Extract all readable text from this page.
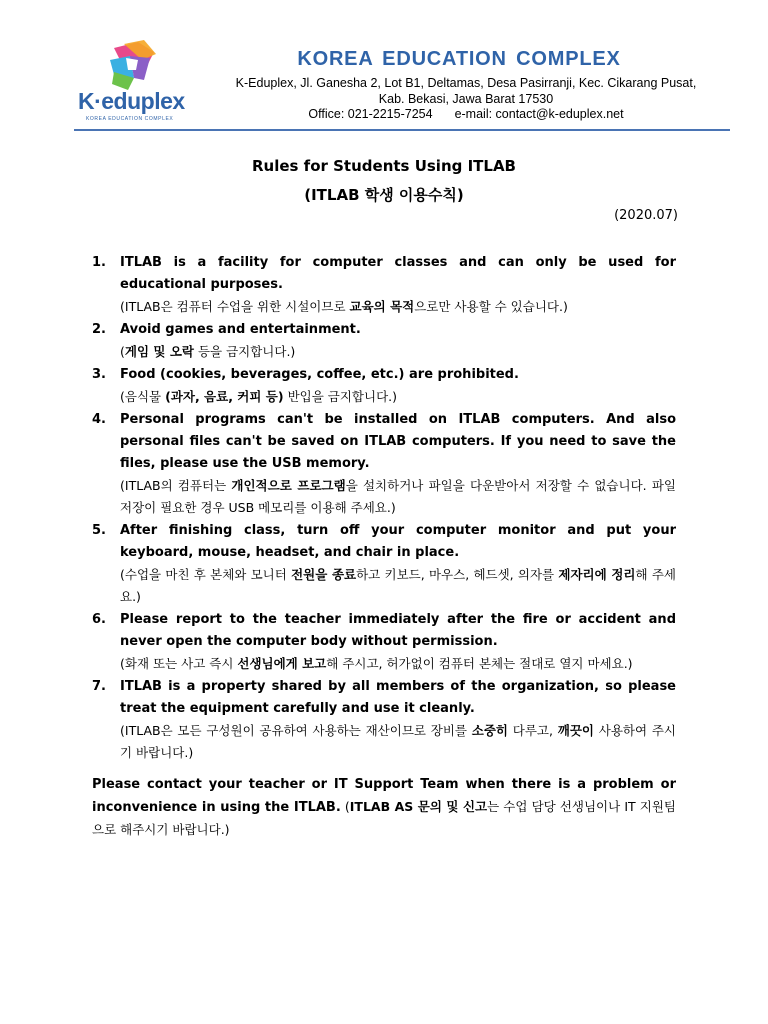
K·eduplex
KOREA EDUCATION COMPLEX
KOREA EDUCATION COMPLEX
K-Eduplex, Jl. Ganesha 2, Lot B1, Deltamas, Desa Pasirranji, Kec. Cikarang Pusat,
Kab. Bekasi, Jawa Barat 17530
Office: 021-2215-7254 e-mail: contact@k-eduplex.net
Rules for Students Using ITLAB
(ITLAB 학생 이용수칙)
(2020.07)
1. ITLAB is a facility for computer classes and can only be used for educational purposes.
(ITLAB은 컴퓨터 수업을 위한 시설이므로 교육의 목적으로만 사용할 수 있습니다.)
2. Avoid games and entertainment.
(게임 및 오락 등을 금지합니다.)
3. Food (cookies, beverages, coffee, etc.) are prohibited.
(음식물 (과자, 음료, 커피 등) 반입을 금지합니다.)
4. Personal programs can't be installed on ITLAB computers. And also personal files can't be saved on ITLAB computers. If you need to save the files, please use the USB memory.
(ITLAB의 컴퓨터는 개인적으로 프로그램을 설치하거나 파일을 다운받아서 저장할 수 없습니다. 파일 저장이 필요한 경우 USB 메모리를 이용해 주세요.)
5. After finishing class, turn off your computer monitor and put your keyboard, mouse, headset, and chair in place.
(수업을 마친 후 본체와 모니터 전원을 종료하고 키보드, 마우스, 헤드셋, 의자를 제자리에 정리해 주세요.)
6. Please report to the teacher immediately after the fire or accident and never open the computer body without permission.
(화재 또는 사고 즉시 선생님에게 보고해 주시고, 허가없이 컴퓨터 본체는 절대로 열지 마세요.)
7. ITLAB is a property shared by all members of the organization, so please treat the equipment carefully and use it cleanly.
(ITLAB은 모든 구성원이 공유하여 사용하는 재산이므로 장비를 소중히 다루고, 깨끗이 사용하여 주시기 바랍니다.)
Please contact your teacher or IT Support Team when there is a problem or inconvenience in using the ITLAB. (ITLAB AS 문의 및 신고는 수업 담당 선생님이나 IT 지원팀으로 해주시기 바랍니다.)
